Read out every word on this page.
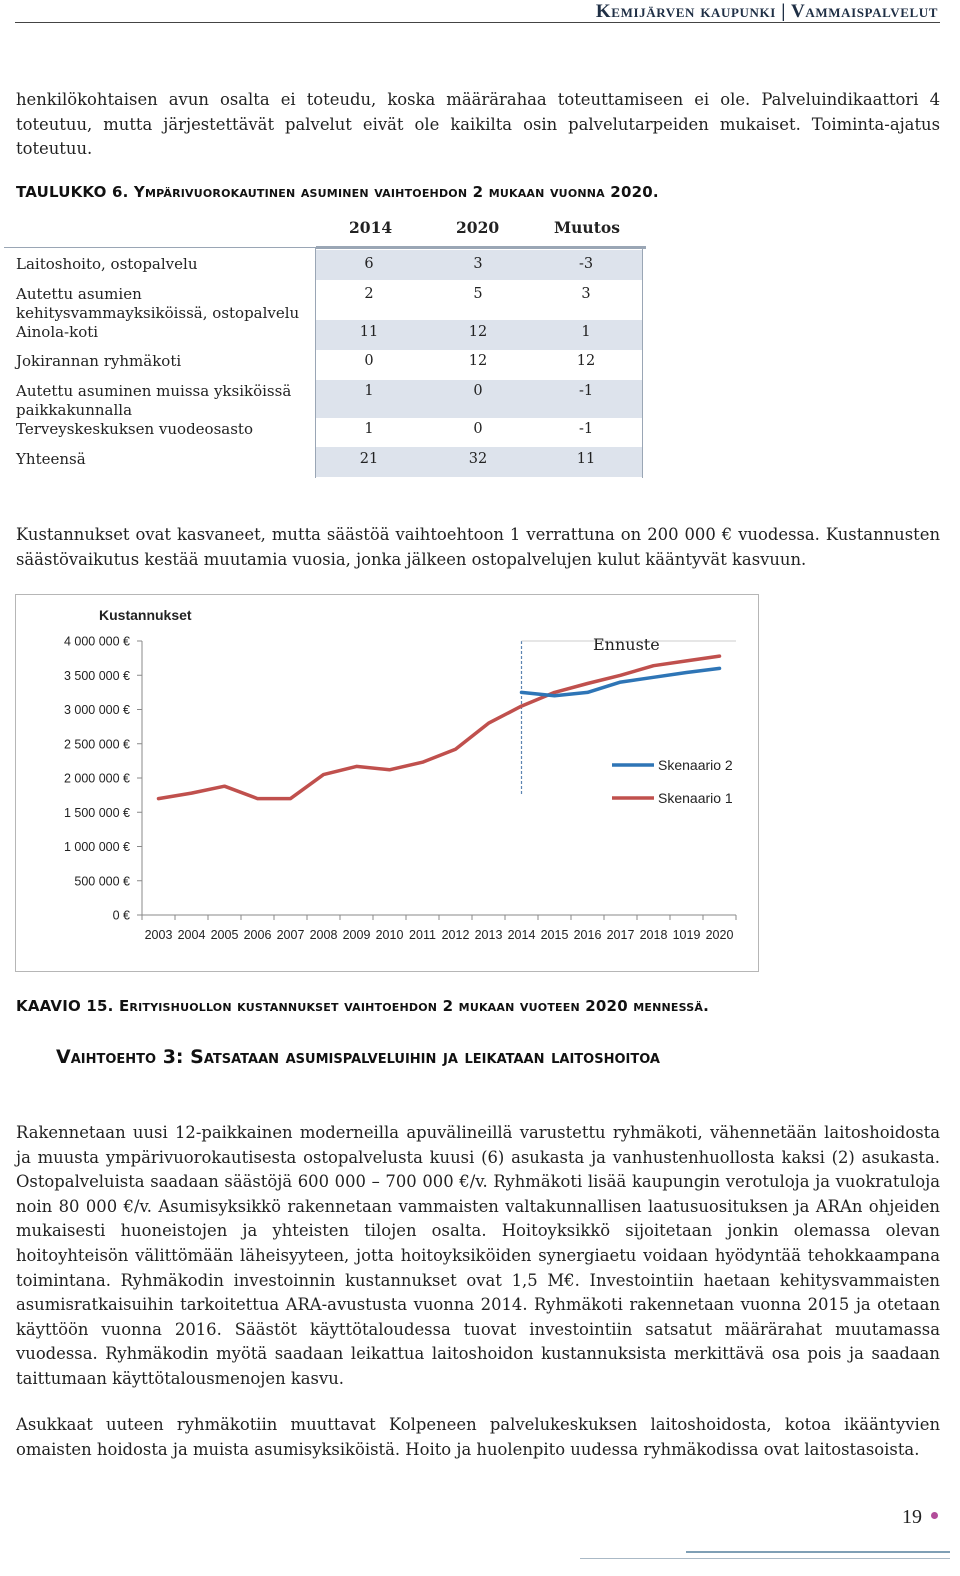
Kemijärven kaupunki | Vammaispalvelut

henkilökohtaisen avun osalta ei toteudu, koska määrärahaa toteuttamiseen ei ole. Palveluindikaattori 4 toteutuu, mutta järjestettävät palvelut eivät ole kaikilta osin palvelutarpeiden mukaiset. Toiminta-ajatus toteutuu.

TAULUKKO 6. Ympärivuorokautinen asuminen vaihtoehdon 2 mukaan vuonna 2020.
2014	2020	Muutos
Laitoshoito, ostopalvelu	6	3	-3
Autettu asumien kehitysvammayksiköissä, ostopalvelu
2	5	3
Ainola-koti	11	12	1
Jokirannan ryhmäkoti	0	12	12
Autettu asuminen muissa yksiköissä paikkakunnalla
1	0	-1
Terveyskeskuksen vuodeosasto	1	0	-1
Yhteensä	21	32	11

Kustannukset ovat kasvaneet, mutta säästöä vaihtoehtoon 1 verrattuna on 200 000 € vuodessa. Kustannusten säästövaikutus kestää muutamia vuosia, jonka jälkeen ostopalvelujen kulut kääntyvät kasvuun.

Kustannukset
0 €
500 000 €
1 000 000 €
1 500 000 €
2 000 000 €
2 500 000 €
3 000 000 €
3 500 000 €
4 000 000 €
2003 2004 2005 2006 2007 2008 2009 2010 2011 2012 2013 2014 2015 2016 2017 2018 1019 2020
Ennuste
Skenaario 2
Skenaario 1
KAAVIO 15. Erityishuollon kustannukset vaihtoehdon 2 mukaan vuoteen 2020 mennessä.
Vaihtoehto 3: Satsataan asumispalveluihin ja leikataan laitoshoitoa

Rakennetaan uusi 12-paikkainen moderneilla apuvälineillä varustettu ryhmäkoti, vähennetään laitoshoidosta ja muusta ympärivuorokautisesta ostopalvelusta kuusi (6) asukasta ja vanhustenhuollosta kaksi (2) asukasta. Ostopalveluista saadaan säästöjä 600 000 – 700 000 €/v. Ryhmäkoti lisää kaupungin verotuloja ja vuokratuloja noin 80 000 €/v. Asumisyksikkö rakennetaan vammaisten valtakunnallisen laatusuosituksen ja ARAn ohjeiden mukaisesti huoneistojen ja yhteisten tilojen osalta. Hoitoyksikkö sijoitetaan jonkin olemassa olevan hoitoyhteisön välittömään läheisyyteen, jotta hoitoyksiköiden synergiaetu voidaan hyödyntää tehokkaampana toimintana. Ryhmäkodin investoinnin kustannukset ovat 1,5 M€. Investointiin haetaan kehitysvammaisten asumisratkaisuihin tarkoitettua ARA-avustusta vuonna 2014. Ryhmäkoti rakennetaan vuonna 2015 ja otetaan käyttöön vuonna 2016. Säästöt käyttötaloudessa tuovat investointiin satsatut määrärahat muutamassa vuodessa. Ryhmäkodin myötä saadaan leikattua laitoshoidon kustannuksista merkittävä osa pois ja saadaan taittumaan käyttötalousmenojen kasvu.

Asukkaat uuteen ryhmäkotiin muuttavat Kolpeneen palvelukeskuksen laitoshoidosta, kotoa ikääntyvien omaisten hoidosta ja muista asumisyksiköistä. Hoito ja huolenpito uudessa ryhmäkodissa ovat laitostasoista.

19
